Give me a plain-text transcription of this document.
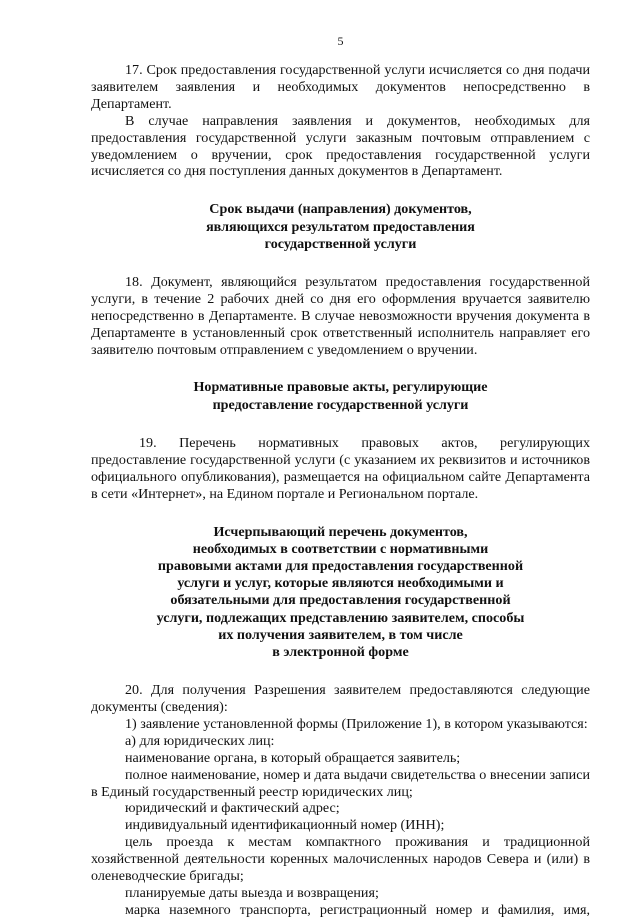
5

17. Срок предоставления государственной услуги исчисляется со дня подачи заявителем заявления и необходимых документов непосредственно в Департамент.

В случае направления заявления и документов, необходимых для предоставления государственной услуги заказным почтовым отправлением с уведомлением о вручении, срок предоставления государственной услуги исчисляется со дня поступления данных документов в Департамент.

Срок выдачи (направления) документов,
являющихся результатом предоставления
государственной услуги

18. Документ, являющийся результатом предоставления государственной услуги, в течение 2 рабочих дней со дня его оформления вручается заявителю непосредственно в Департаменте. В случае невозможности вручения документа в Департаменте в установленный срок ответственный исполнитель направляет его заявителю почтовым отправлением с уведомлением о вручении.

Нормативные правовые акты, регулирующие
предоставление государственной услуги

19. Перечень нормативных правовых актов, регулирующих предоставление государственной услуги (с указанием их реквизитов и источников официального опубликования), размещается на официальном сайте Департамента в сети «Интернет», на Едином портале и Региональном портале.

Исчерпывающий перечень документов,
необходимых в соответствии с нормативными
правовыми актами для предоставления государственной
услуги и услуг, которые являются необходимыми и
обязательными для предоставления государственной
услуги, подлежащих представлению заявителем, способы
их получения заявителем, в том числе
в электронной форме

20. Для получения Разрешения заявителем предоставляются следующие документы (сведения):

1) заявление установленной формы (Приложение 1), в котором указываются:

а) для юридических лиц:

наименование органа, в который обращается заявитель;

полное наименование, номер и дата выдачи свидетельства о внесении записи в Единый государственный реестр юридических лиц;

юридический и фактический адрес;

индивидуальный идентификационный номер (ИНН);

цель проезда к местам компактного проживания и традиционной хозяйственной деятельности коренных малочисленных народов Севера и (или) в оленеводческие бригады;

планируемые даты выезда и возвращения;

марка наземного транспорта, регистрационный номер и фамилия, имя,
